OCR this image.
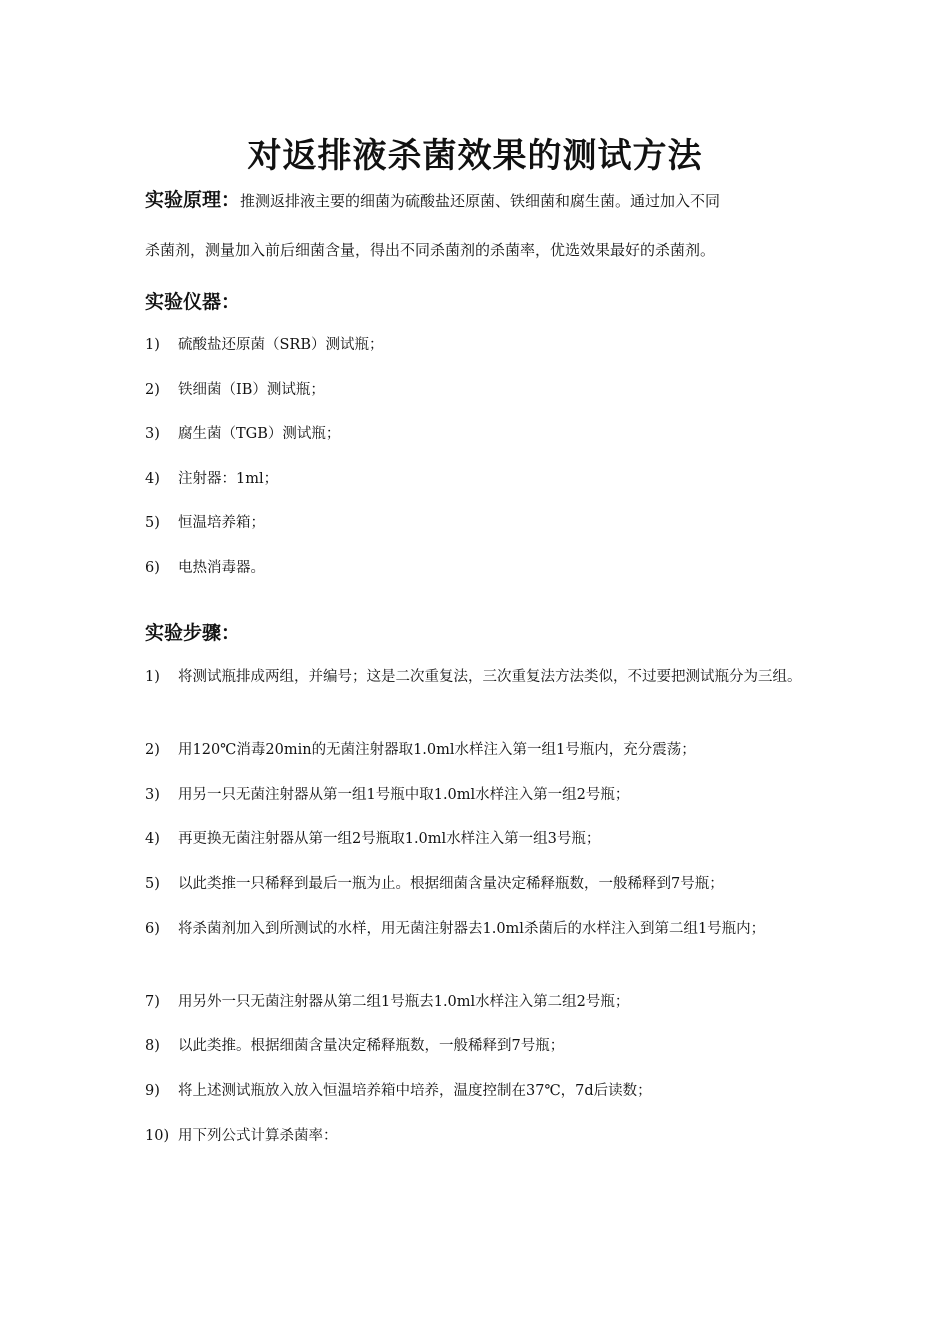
对返排液杀菌效果的测试方法
实验原理：推测返排液主要的细菌为硫酸盐还原菌、铁细菌和腐生菌。通过加入不同
杀菌剂，测量加入前后细菌含量，得出不同杀菌剂的杀菌率，优选效果最好的杀菌剂。
实验仪器：
1)	硫酸盐还原菌（SRB）测试瓶；
2)	铁细菌（IB）测试瓶；
3)	腐生菌（TGB）测试瓶；
4)	注射器：1ml；
5)	恒温培养箱；
6)	电热消毒器。
实验步骤：
1)	将测试瓶排成两组，并编号；这是二次重复法，三次重复法方法类似，不过要把测试瓶分为三组。
2)	用120℃消毒20min的无菌注射器取1.0ml水样注入第一组1号瓶内，充分震荡；
3)	用另一只无菌注射器从第一组1号瓶中取1.0ml水样注入第一组2号瓶；
4)	再更换无菌注射器从第一组2号瓶取1.0ml水样注入第一组3号瓶；
5)	以此类推一只稀释到最后一瓶为止。根据细菌含量决定稀释瓶数，一般稀释到7号瓶；
6)	将杀菌剂加入到所测试的水样，用无菌注射器去1.0ml杀菌后的水样注入到第二组1号瓶内；
7)	用另外一只无菌注射器从第二组1号瓶去1.0ml水样注入第二组2号瓶；
8)	以此类推。根据细菌含量决定稀释瓶数，一般稀释到7号瓶；
9)	将上述测试瓶放入放入恒温培养箱中培养，温度控制在37℃，7d后读数；
10) 用下列公式计算杀菌率：
